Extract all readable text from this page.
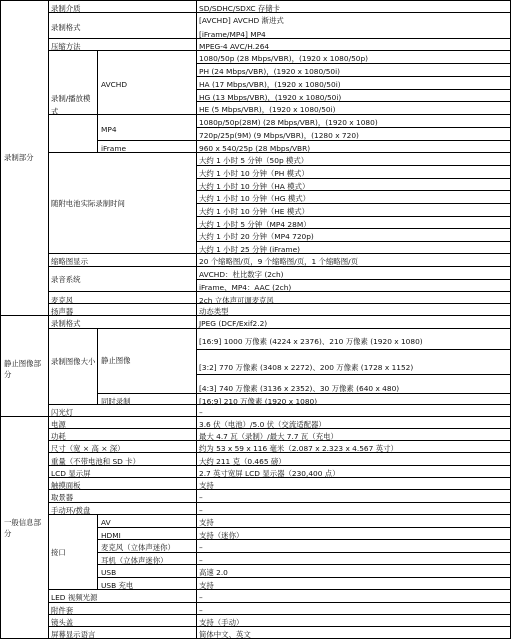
录制部分
静止图像部分
一般信息部分
录制介质
录制格式
压缩方法
录制/播放模式
AVCHD
MP4
iFrame
随附电池实际录制时间
缩略图显示
录音系统
麦克风
扬声器
录制格式
录制图像大小 静止图像
同时录制
闪光灯
电源
功耗
尺寸（宽 × 高 × 深）
重量（不带电池和 SD 卡）
LCD 显示屏
触摸面板
取景器
手动环/拨盘
接口
AV
HDMI
麦克风（立体声迷你）
耳机（立体声迷你）
USB
USB 充电
LED 视频光源
附件套
镜头盖
屏幕显示语言
SD/SDHC/SDXC 存储卡
[AVCHD] AVCHD 渐进式
[iFrame/MP4] MP4
MPEG-4 AVC/H.264
1080/50p (28 Mbps/VBR)，(1920 x 1080/50p)
PH (24 Mbps/VBR)，(1920 x 1080/50i)
HA (17 Mbps/VBR)，(1920 x 1080/50i)
HG (13 Mbps/VBR)，(1920 x 1080/50i)
HE (5 Mbps/VBR)，(1920 x 1080/50i)
1080p/50p(28M) (28 Mbps/VBR)，(1920 x 1080)
720p/25p(9M) (9 Mbps/VBR)，(1280 x 720)
960 x 540/25p (28 Mbps/VBR)
大约 1 小时 5 分钟（50p 模式）
大约 1 小时 10 分钟（PH 模式）
大约 1 小时 10 分钟（HA 模式）
大约 1 小时 10 分钟（HG 模式）
大约 1 小时 10 分钟（HE 模式）
大约 1 小时 5 分钟（MP4 28M）
大约 1 小时 20 分钟（MP4 720p)
大约 1 小时 25 分钟 (iFrame)
20 个缩略图/页，9 个缩略图/页，1 个缩略图/页
AVCHD：杜比数字 (2ch)
iFrame、MP4：AAC (2ch)
2ch 立体声可调麦克风
动态类型
JPEG (DCF/Exif2.2)
[16:9] 1000 万像素 (4224 x 2376)、210 万像素 (1920 x 1080)
[3:2] 770 万像素 (3408 x 2272)、200 万像素 (1728 x 1152)
[4:3] 740 万像素 (3136 x 2352)、30 万像素 (640 x 480)
[16:9] 210 万像素 (1920 x 1080)
–
3.6 伏（电池）/5.0 伏（交流适配器）
最大 4.7 瓦（录制）/最大 7.7 瓦（充电）
约为 53 x 59 x 116 毫米（2.087 x 2.323 x 4.567 英寸）
大约 211 克（0.465 磅）
2.7 英寸宽屏 LCD 显示器（230,400 点）
支持
–
–
支持
支持（迷你）
–
–
高速 2.0
支持
–
–
支持（手动）
简体中文、英文
